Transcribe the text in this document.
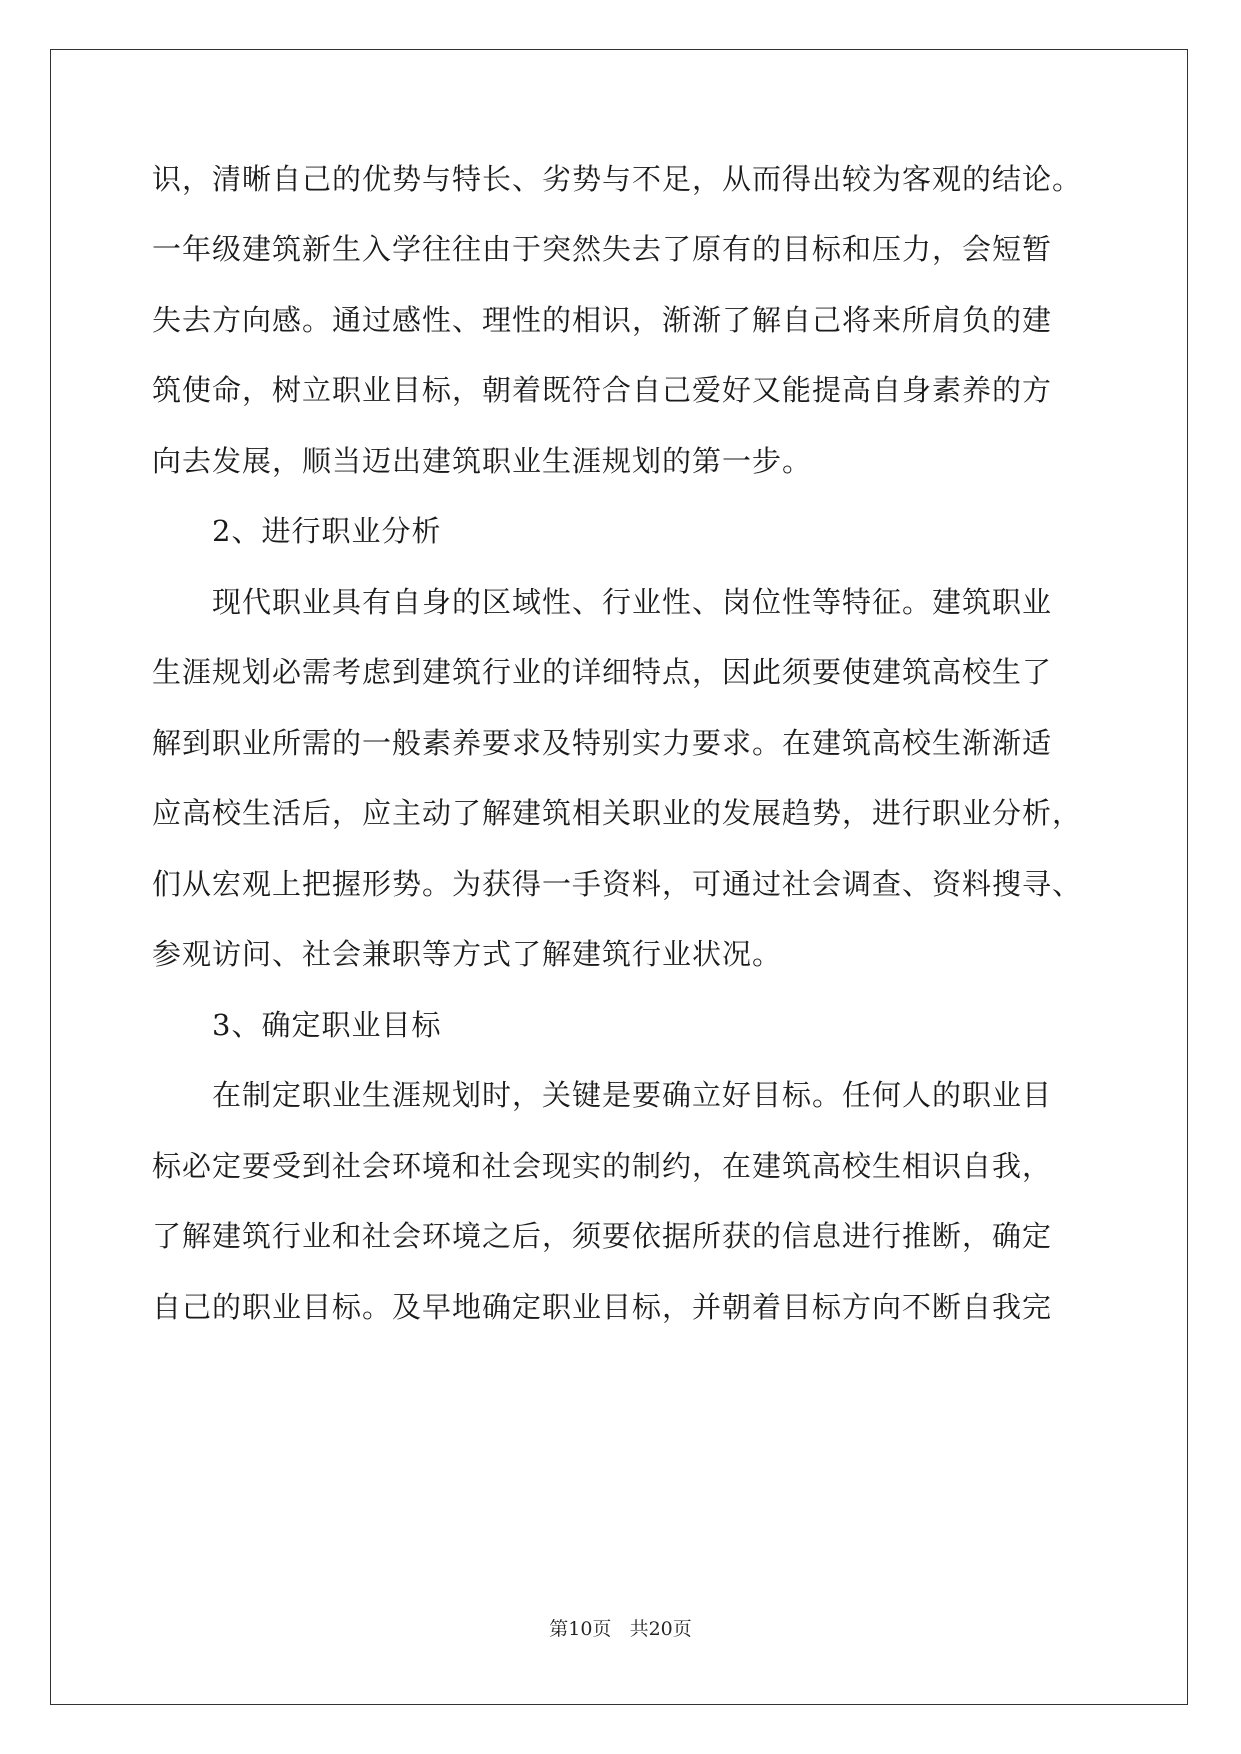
识，清晰自己的优势与特长、劣势与不足，从而得出较为客观的结论。
一年级建筑新生入学往往由于突然失去了原有的目标和压力，会短暂
失去方向感。通过感性、理性的相识，渐渐了解自己将来所肩负的建
筑使命，树立职业目标，朝着既符合自己爱好又能提高自身素养的方
向去发展，顺当迈出建筑职业生涯规划的第一步。
2、进行职业分析
现代职业具有自身的区域性、行业性、岗位性等特征。建筑职业
生涯规划必需考虑到建筑行业的详细特点，因此须要使建筑高校生了
解到职业所需的一般素养要求及特别实力要求。在建筑高校生渐渐适
应高校生活后，应主动了解建筑相关职业的发展趋势，进行职业分析，
们从宏观上把握形势。为获得一手资料，可通过社会调查、资料搜寻、
参观访问、社会兼职等方式了解建筑行业状况。
3、确定职业目标
在制定职业生涯规划时，关键是要确立好目标。任何人的职业目
标必定要受到社会环境和社会现实的制约，在建筑高校生相识自我，
了解建筑行业和社会环境之后，须要依据所获的信息进行推断，确定
自己的职业目标。及早地确定职业目标，并朝着目标方向不断自我完
第10页 共20页
